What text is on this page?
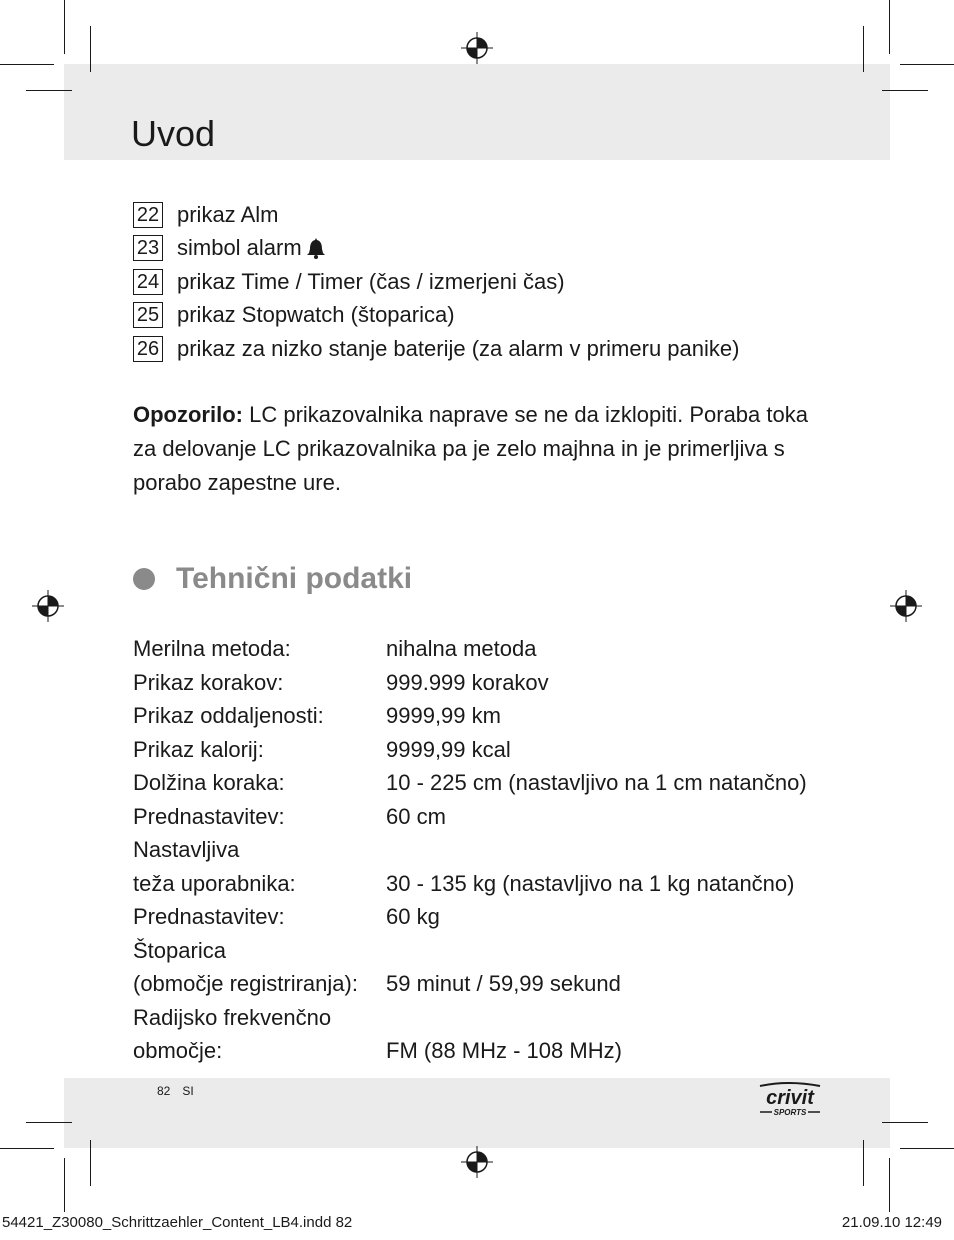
Uvod
22 prikaz Alm
23 simbol alarm
24 prikaz Time / Timer (čas / izmerjeni čas)
25 prikaz Stopwatch (štoparica)
26 prikaz za nizko stanje baterije (za alarm v primeru panike)

Opozorilo: LC prikazovalnika naprave se ne da izklopiti. Poraba toka za delovanje LC prikazovalnika pa je zelo majhna in je primerljiva s porabo zapestne ure.

Tehnični podatki
Merilna metoda:	nihalna metoda
Prikaz korakov:	999.999 korakov
Prikaz oddaljenosti:	9999,99 km
Prikaz kalorij:	9999,99 kcal
Dolžina koraka:	10 - 225 cm (nastavljivo na 1 cm natančno)
Prednastavitev:	60 cm
Nastavljiva
teža uporabnika:	30 - 135 kg (nastavljivo na 1 kg natančno)
Prednastavitev:	60 kg
Štoparica
(območje registriranja):	59 minut / 59,99 sekund
Radijsko frekvenčno
območje:	FM (88 MHz - 108 MHz)
82 SI	crivit
SPORTS
54421_Z30080_Schrittzaehler_Content_LB4.indd 82	21.09.10 12:49
